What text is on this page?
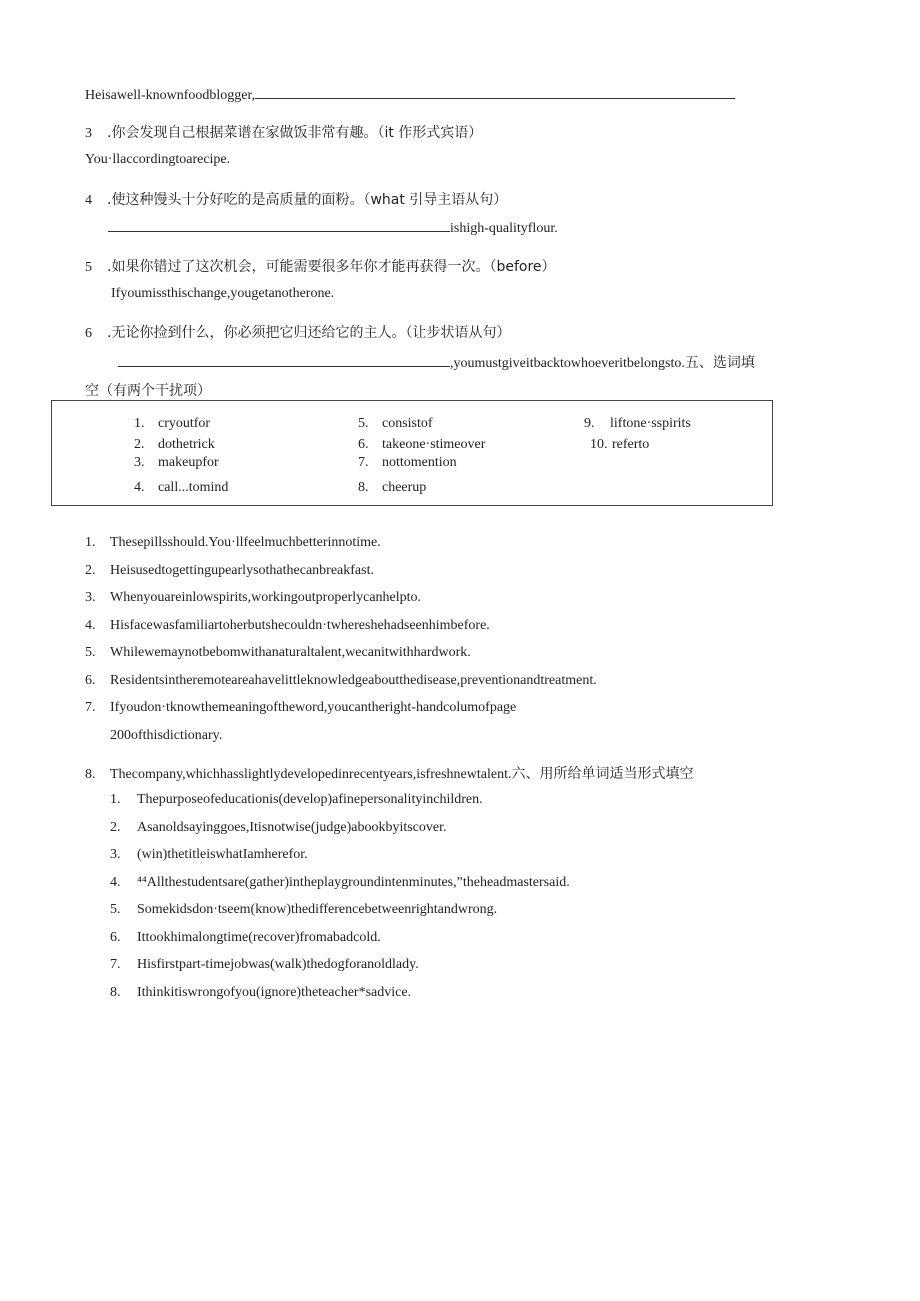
Heisawell-knownfoodblogger,
3 .你会发现自己根据菜谱在家做饭非常有趣。（it 作形式宾语）
You·llaccordingtoarecipe.
4 .使这种馒头十分好吃的是高质量的面粉。（what 引导主语从句）
ishigh-qualityflour.
5 .如果你错过了这次机会，可能需要很多年你才能再获得一次。（before）
Ifyoumissthischange,yougetanotherone.
6 .无论你捡到什么，你必须把它归还给它的主人。（让步状语从句）
,youmustgiveitbacktowhoeveritbelongsto.五、选词填
空（有两个干扰项）
1. cryoutfor
2. dothetrick
3. makeupfor
4. call...tomind
5. consistof
6. takeone·stimeover
7. nottomention
8. cheerup
9. liftone·sspirits
10. referto
1. Thesepillsshould.You·llfeelmuchbetterinnotime.
2. Heisusedtogettingupearlysothathecanbreakfast.
3. Whenyouareinlowspirits,workingoutproperlycanhelpto.
4. Hisfacewasfamiliartoherbutshecouldn·twhereshehadseenhimbefore.
5. Whilewemaynotbebomwithanaturaltalent,wecanitwithhardwork.
6. Residentsintheremoteareahavelittleknowledgeaboutthedisease,preventionandtreatment.
7. Ifyoudon·tknowthemeaningoftheword,youcantheright-handcolumofpage
200ofthisdictionary.
8. Thecompany,whichhasslightlydevelopedinrecentyears,isfreshnewtalent.六、用所给单词适当形式填空
1. Thepurposeofeducationis(develop)afinepersonalityinchildren.
2. Asanoldsayinggoes,Itisnotwise(judge)abookbyitscover.
3. (win)thetitleiswhatIamherefor.
4. ⁴⁴Allthestudentsare(gather)intheplaygroundintenminutes,ˮtheheadmastersaid.
5. Somekidsdon·tseem(know)thedifferencebetweenrightandwrong.
6. Ittookhimalongtime(recover)fromabadcold.
7. Hisfirstpart-timejobwas(walk)thedogforanoldlady.
8. Ithinkitiswrongofyou(ignore)theteacher*sadvice.
